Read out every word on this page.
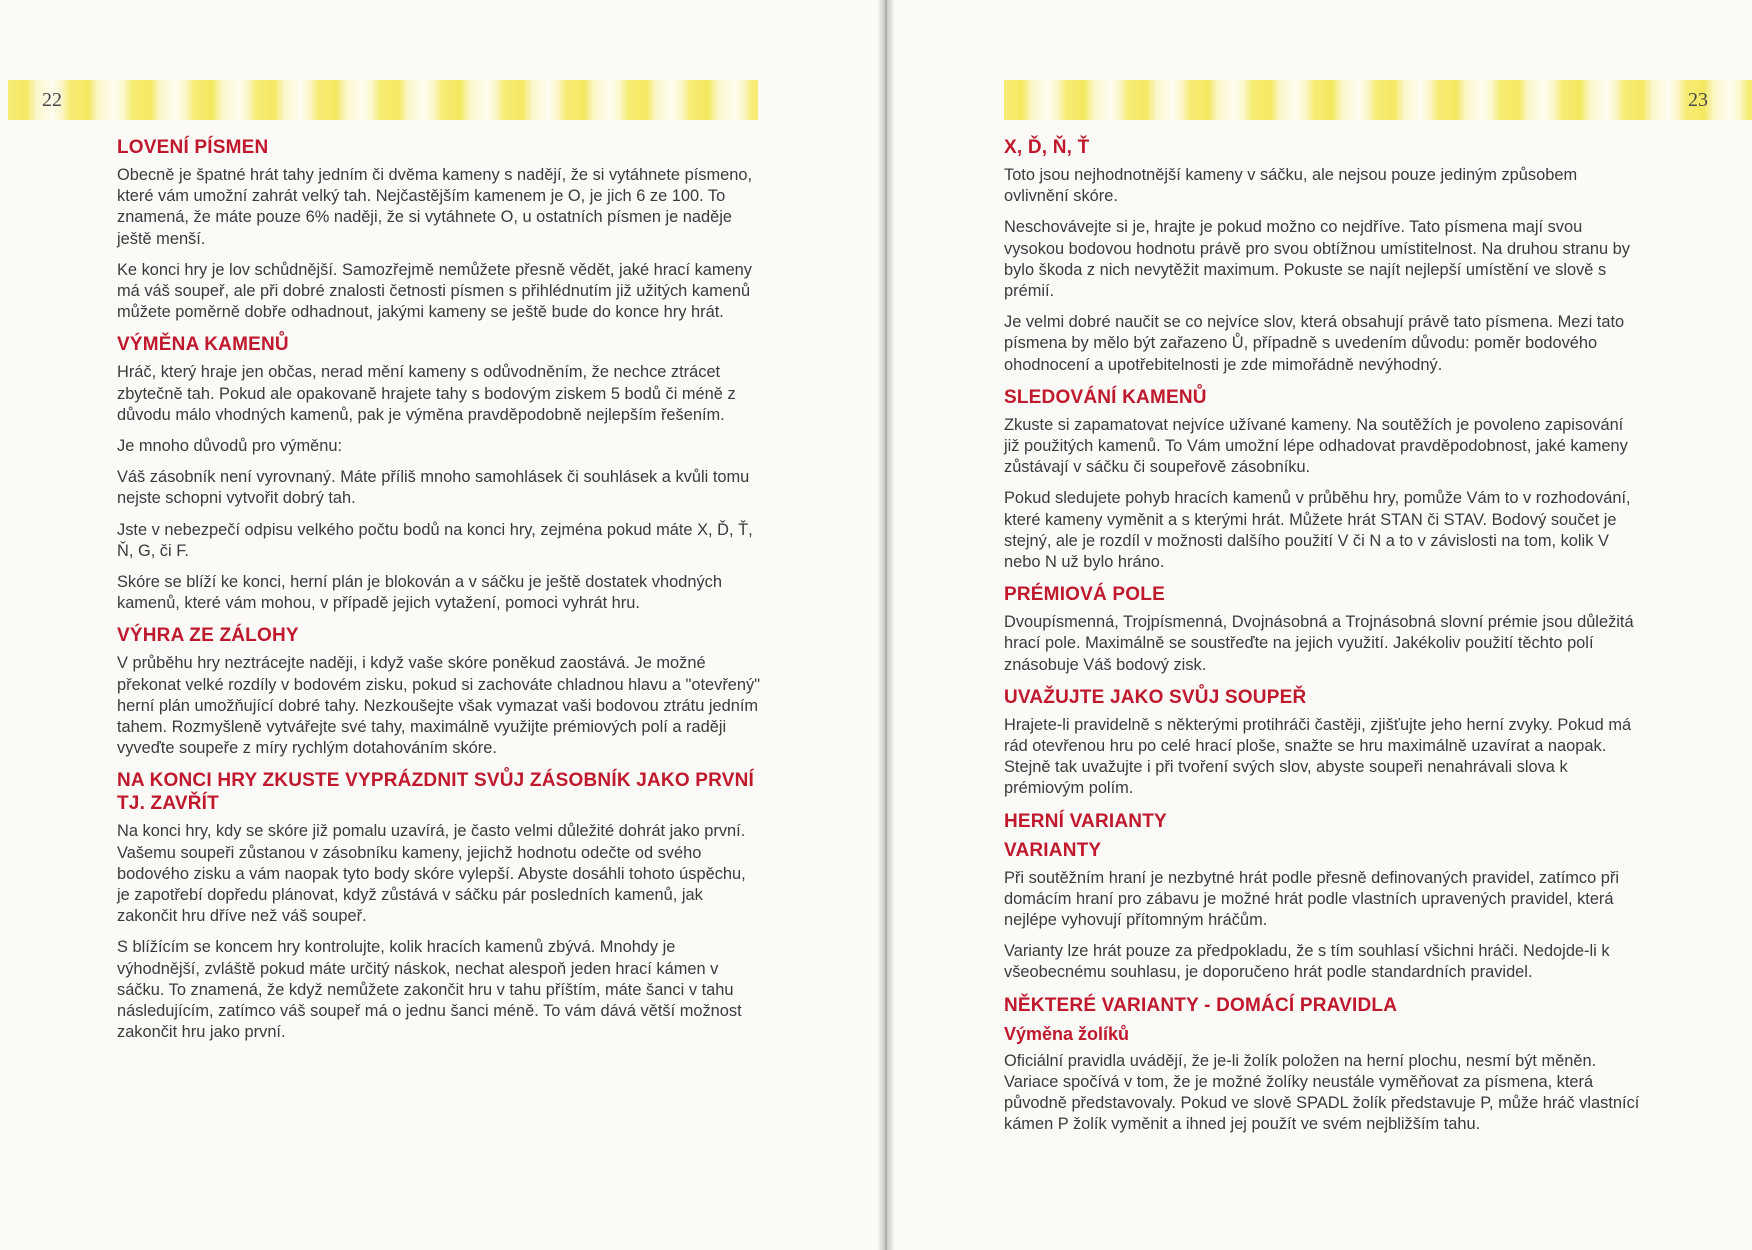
22
LOVENÍ PÍSMEN

Obecně je špatné hrát tahy jedním či dvěma kameny s nadějí, že si vytáhnete písmeno, které vám umožní zahrát velký tah. Nejčastějším kamenem je O, je jich 6 ze 100. To znamená, že máte pouze 6% naději, že si vytáhnete O, u ostatních písmen je naděje ještě menší.

Ke konci hry je lov schůdnější. Samozřejmě nemůžete přesně vědět, jaké hrací kameny má váš soupeř, ale při dobré znalosti četnosti písmen s přihlédnutím již užitých kamenů můžete poměrně dobře odhadnout, jakými kameny se ještě bude do konce hry hrát.

VÝMĚNA KAMENŮ

Hráč, který hraje jen občas, nerad mění kameny s odůvodněním, že nechce ztrácet zbytečně tah. Pokud ale opakovaně hrajete tahy s bodovým ziskem 5 bodů či méně z důvodu málo vhodných kamenů, pak je výměna pravděpodobně nejlepším řešením.

Je mnoho důvodů pro výměnu:

Váš zásobník není vyrovnaný. Máte příliš mnoho samohlásek či souhlásek a kvůli tomu nejste schopni vytvořit dobrý tah.

Jste v nebezpečí odpisu velkého počtu bodů na konci hry, zejména pokud máte X, Ď, Ť, Ň, G, či F.

Skóre se blíží ke konci, herní plán je blokován a v sáčku je ještě dostatek vhodných kamenů, které vám mohou, v případě jejich vytažení, pomoci vyhrát hru.

VÝHRA ZE ZÁLOHY

V průběhu hry neztrácejte naději, i když vaše skóre poněkud zaostává. Je možné překonat velké rozdíly v bodovém zisku, pokud si zachováte chladnou hlavu a "otevřený" herní plán umožňující dobré tahy. Nezkoušejte však vymazat vaši bodovou ztrátu jedním tahem. Rozmyšleně vytvářejte své tahy, maximálně využijte prémiových polí a raději vyveďte soupeře z míry rychlým dotahováním skóre.

NA KONCI HRY ZKUSTE VYPRÁZDNIT SVŮJ ZÁSOBNÍK JAKO PRVNÍ TJ. ZAVŘÍT

Na konci hry, kdy se skóre již pomalu uzavírá, je často velmi důležité dohrát jako první. Vašemu soupeři zůstanou v zásobníku kameny, jejichž hodnotu odečte od svého bodového zisku a vám naopak tyto body skóre vylepší. Abyste dosáhli tohoto úspěchu, je zapotřebí dopředu plánovat, když zůstává v sáčku pár posledních kamenů, jak zakončit hru dříve než váš soupeř.

S blížícím se koncem hry kontrolujte, kolik hracích kamenů zbývá. Mnohdy je výhodnější, zvláště pokud máte určitý náskok, nechat alespoň jeden hrací kámen v sáčku. To znamená, že když nemůžete zakončit hru v tahu příštím, máte šanci v tahu následujícím, zatímco váš soupeř má o jednu šanci méně. To vám dává větší možnost zakončit hru jako první.

23
X, Ď, Ň, Ť

Toto jsou nejhodnotnější kameny v sáčku, ale nejsou pouze jediným způsobem ovlivnění skóre.

Neschovávejte si je, hrajte je pokud možno co nejdříve. Tato písmena mají svou vysokou bodovou hodnotu právě pro svou obtížnou umístitelnost. Na druhou stranu by bylo škoda z nich nevytěžit maximum. Pokuste se najít nejlepší umístění ve slově s prémií.

Je velmi dobré naučit se co nejvíce slov, která obsahují právě tato písmena. Mezi tato písmena by mělo být zařazeno Ů, případně s uvedením důvodu: poměr bodového ohodnocení a upotřebitelnosti je zde mimořádně nevýhodný.

SLEDOVÁNÍ KAMENŮ

Zkuste si zapamatovat nejvíce užívané kameny. Na soutěžích je povoleno zapisování již použitých kamenů. To Vám umožní lépe odhadovat pravděpodobnost, jaké kameny zůstávají v sáčku či soupeřově zásobníku.

Pokud sledujete pohyb hracích kamenů v průběhu hry, pomůže Vám to v rozhodování, které kameny vyměnit a s kterými hrát. Můžete hrát STAN či STAV. Bodový součet je stejný, ale je rozdíl v možnosti dalšího použití V či N a to v závislosti na tom, kolik V nebo N už bylo hráno.

PRÉMIOVÁ POLE

Dvoupísmenná, Trojpísmenná, Dvojnásobná a Trojnásobná slovní prémie jsou důležitá hrací pole. Maximálně se soustřeďte na jejich využití. Jakékoliv použití těchto polí znásobuje Váš bodový zisk.

UVAŽUJTE JAKO SVŮJ SOUPEŘ

Hrajete-li pravidelně s některými protihráči častěji, zjišťujte jeho herní zvyky. Pokud má rád otevřenou hru po celé hrací ploše, snažte se hru maximálně uzavírat a naopak. Stejně tak uvažujte i při tvoření svých slov, abyste soupeři nenahrávali slova k prémiovým polím.

HERNÍ VARIANTY
VARIANTY

Při soutěžním hraní je nezbytné hrát podle přesně definovaných pravidel, zatímco při domácím hraní pro zábavu je možné hrát podle vlastních upravených pravidel, která nejlépe vyhovují přítomným hráčům.

Varianty lze hrát pouze za předpokladu, že s tím souhlasí všichni hráči. Nedojde-li k všeobecnému souhlasu, je doporučeno hrát podle standardních pravidel.

NĚKTERÉ VARIANTY - DOMÁCÍ PRAVIDLA
Výměna žolíků

Oficiální pravidla uvádějí, že je-li žolík položen na herní plochu, nesmí být měněn. Variace spočívá v tom, že je možné žolíky neustále vyměňovat za písmena, která původně představovaly. Pokud ve slově SPADL žolík představuje P, může hráč vlastnící kámen P žolík vyměnit a ihned jej použít ve svém nejbližším tahu.
